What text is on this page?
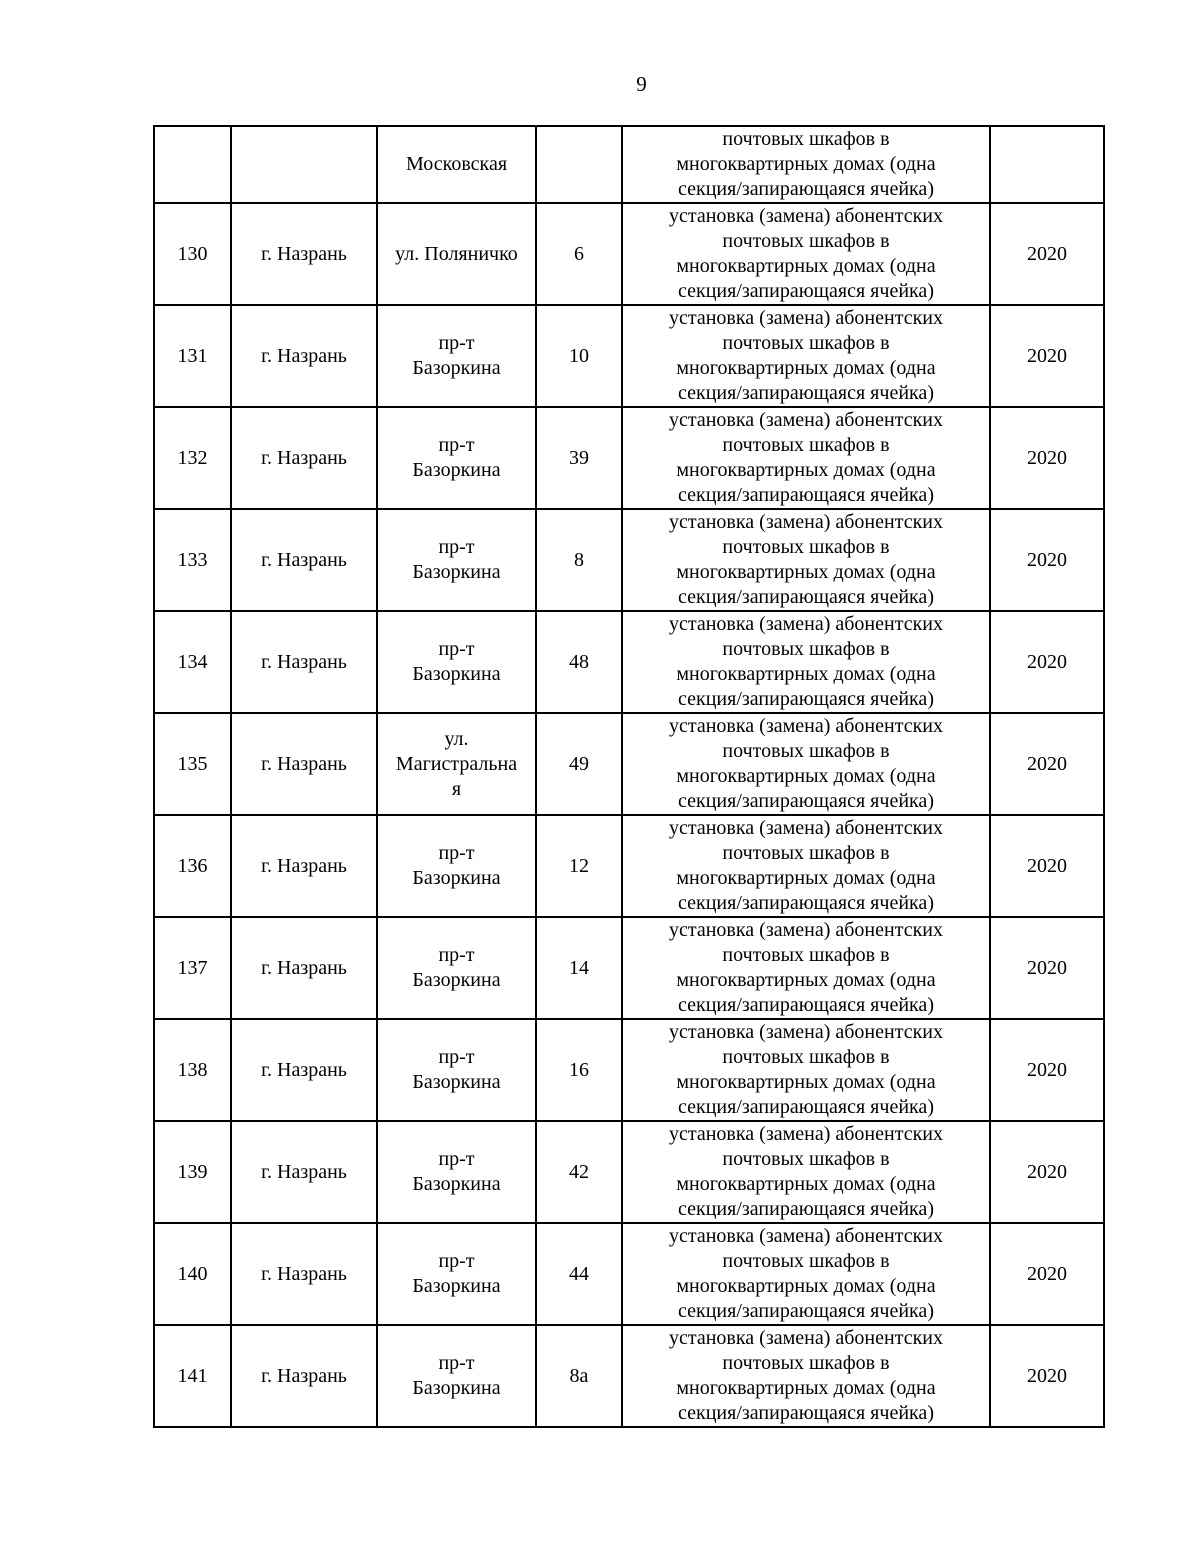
9
		Московская		почтовых шкафов в
многоквартирных домах (одна
секция/запирающаяся ячейка)	
130	г. Назрань	ул. Поляничко	6	установка (замена) абонентских
почтовых шкафов в
многоквартирных домах (одна
секция/запирающаяся ячейка)	2020
131	г. Назрань	пр-т
Базоркина	10	установка (замена) абонентских
почтовых шкафов в
многоквартирных домах (одна
секция/запирающаяся ячейка)	2020
132	г. Назрань	пр-т
Базоркина	39	установка (замена) абонентских
почтовых шкафов в
многоквартирных домах (одна
секция/запирающаяся ячейка)	2020
133	г. Назрань	пр-т
Базоркина	8	установка (замена) абонентских
почтовых шкафов в
многоквартирных домах (одна
секция/запирающаяся ячейка)	2020
134	г. Назрань	пр-т
Базоркина	48	установка (замена) абонентских
почтовых шкафов в
многоквартирных домах (одна
секция/запирающаяся ячейка)	2020
135	г. Назрань	ул.
Магистральна
я	49	установка (замена) абонентских
почтовых шкафов в
многоквартирных домах (одна
секция/запирающаяся ячейка)	2020
136	г. Назрань	пр-т
Базоркина	12	установка (замена) абонентских
почтовых шкафов в
многоквартирных домах (одна
секция/запирающаяся ячейка)	2020
137	г. Назрань	пр-т
Базоркина	14	установка (замена) абонентских
почтовых шкафов в
многоквартирных домах (одна
секция/запирающаяся ячейка)	2020
138	г. Назрань	пр-т
Базоркина	16	установка (замена) абонентских
почтовых шкафов в
многоквартирных домах (одна
секция/запирающаяся ячейка)	2020
139	г. Назрань	пр-т
Базоркина	42	установка (замена) абонентских
почтовых шкафов в
многоквартирных домах (одна
секция/запирающаяся ячейка)	2020
140	г. Назрань	пр-т
Базоркина	44	установка (замена) абонентских
почтовых шкафов в
многоквартирных домах (одна
секция/запирающаяся ячейка)	2020
141	г. Назрань	пр-т
Базоркина	8а	установка (замена) абонентских
почтовых шкафов в
многоквартирных домах (одна
секция/запирающаяся ячейка)	2020
